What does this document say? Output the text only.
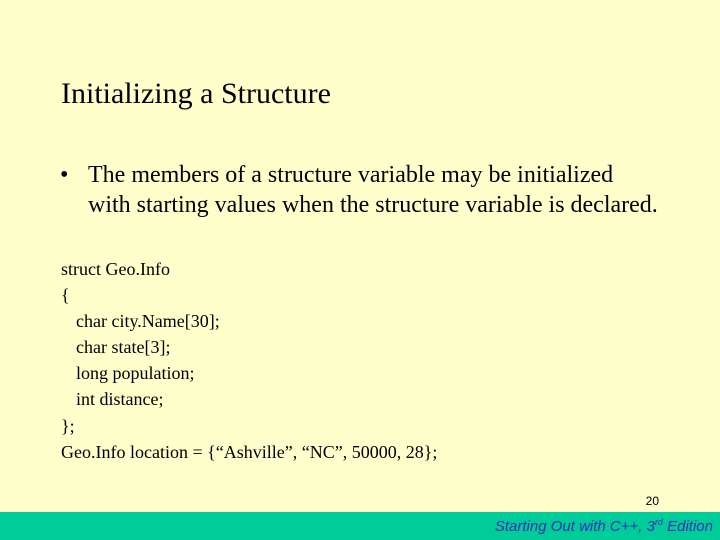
Initializing a Structure
• The members of a structure variable may be initialized with starting values when the structure variable is declared.
struct Geo.Info
{
char city.Name[30];
char state[3];
long population;
int distance;
};
Geo.Info location = {“Ashville”, “NC”, 50000, 28};
20
Starting Out with C++, 3rd Edition
